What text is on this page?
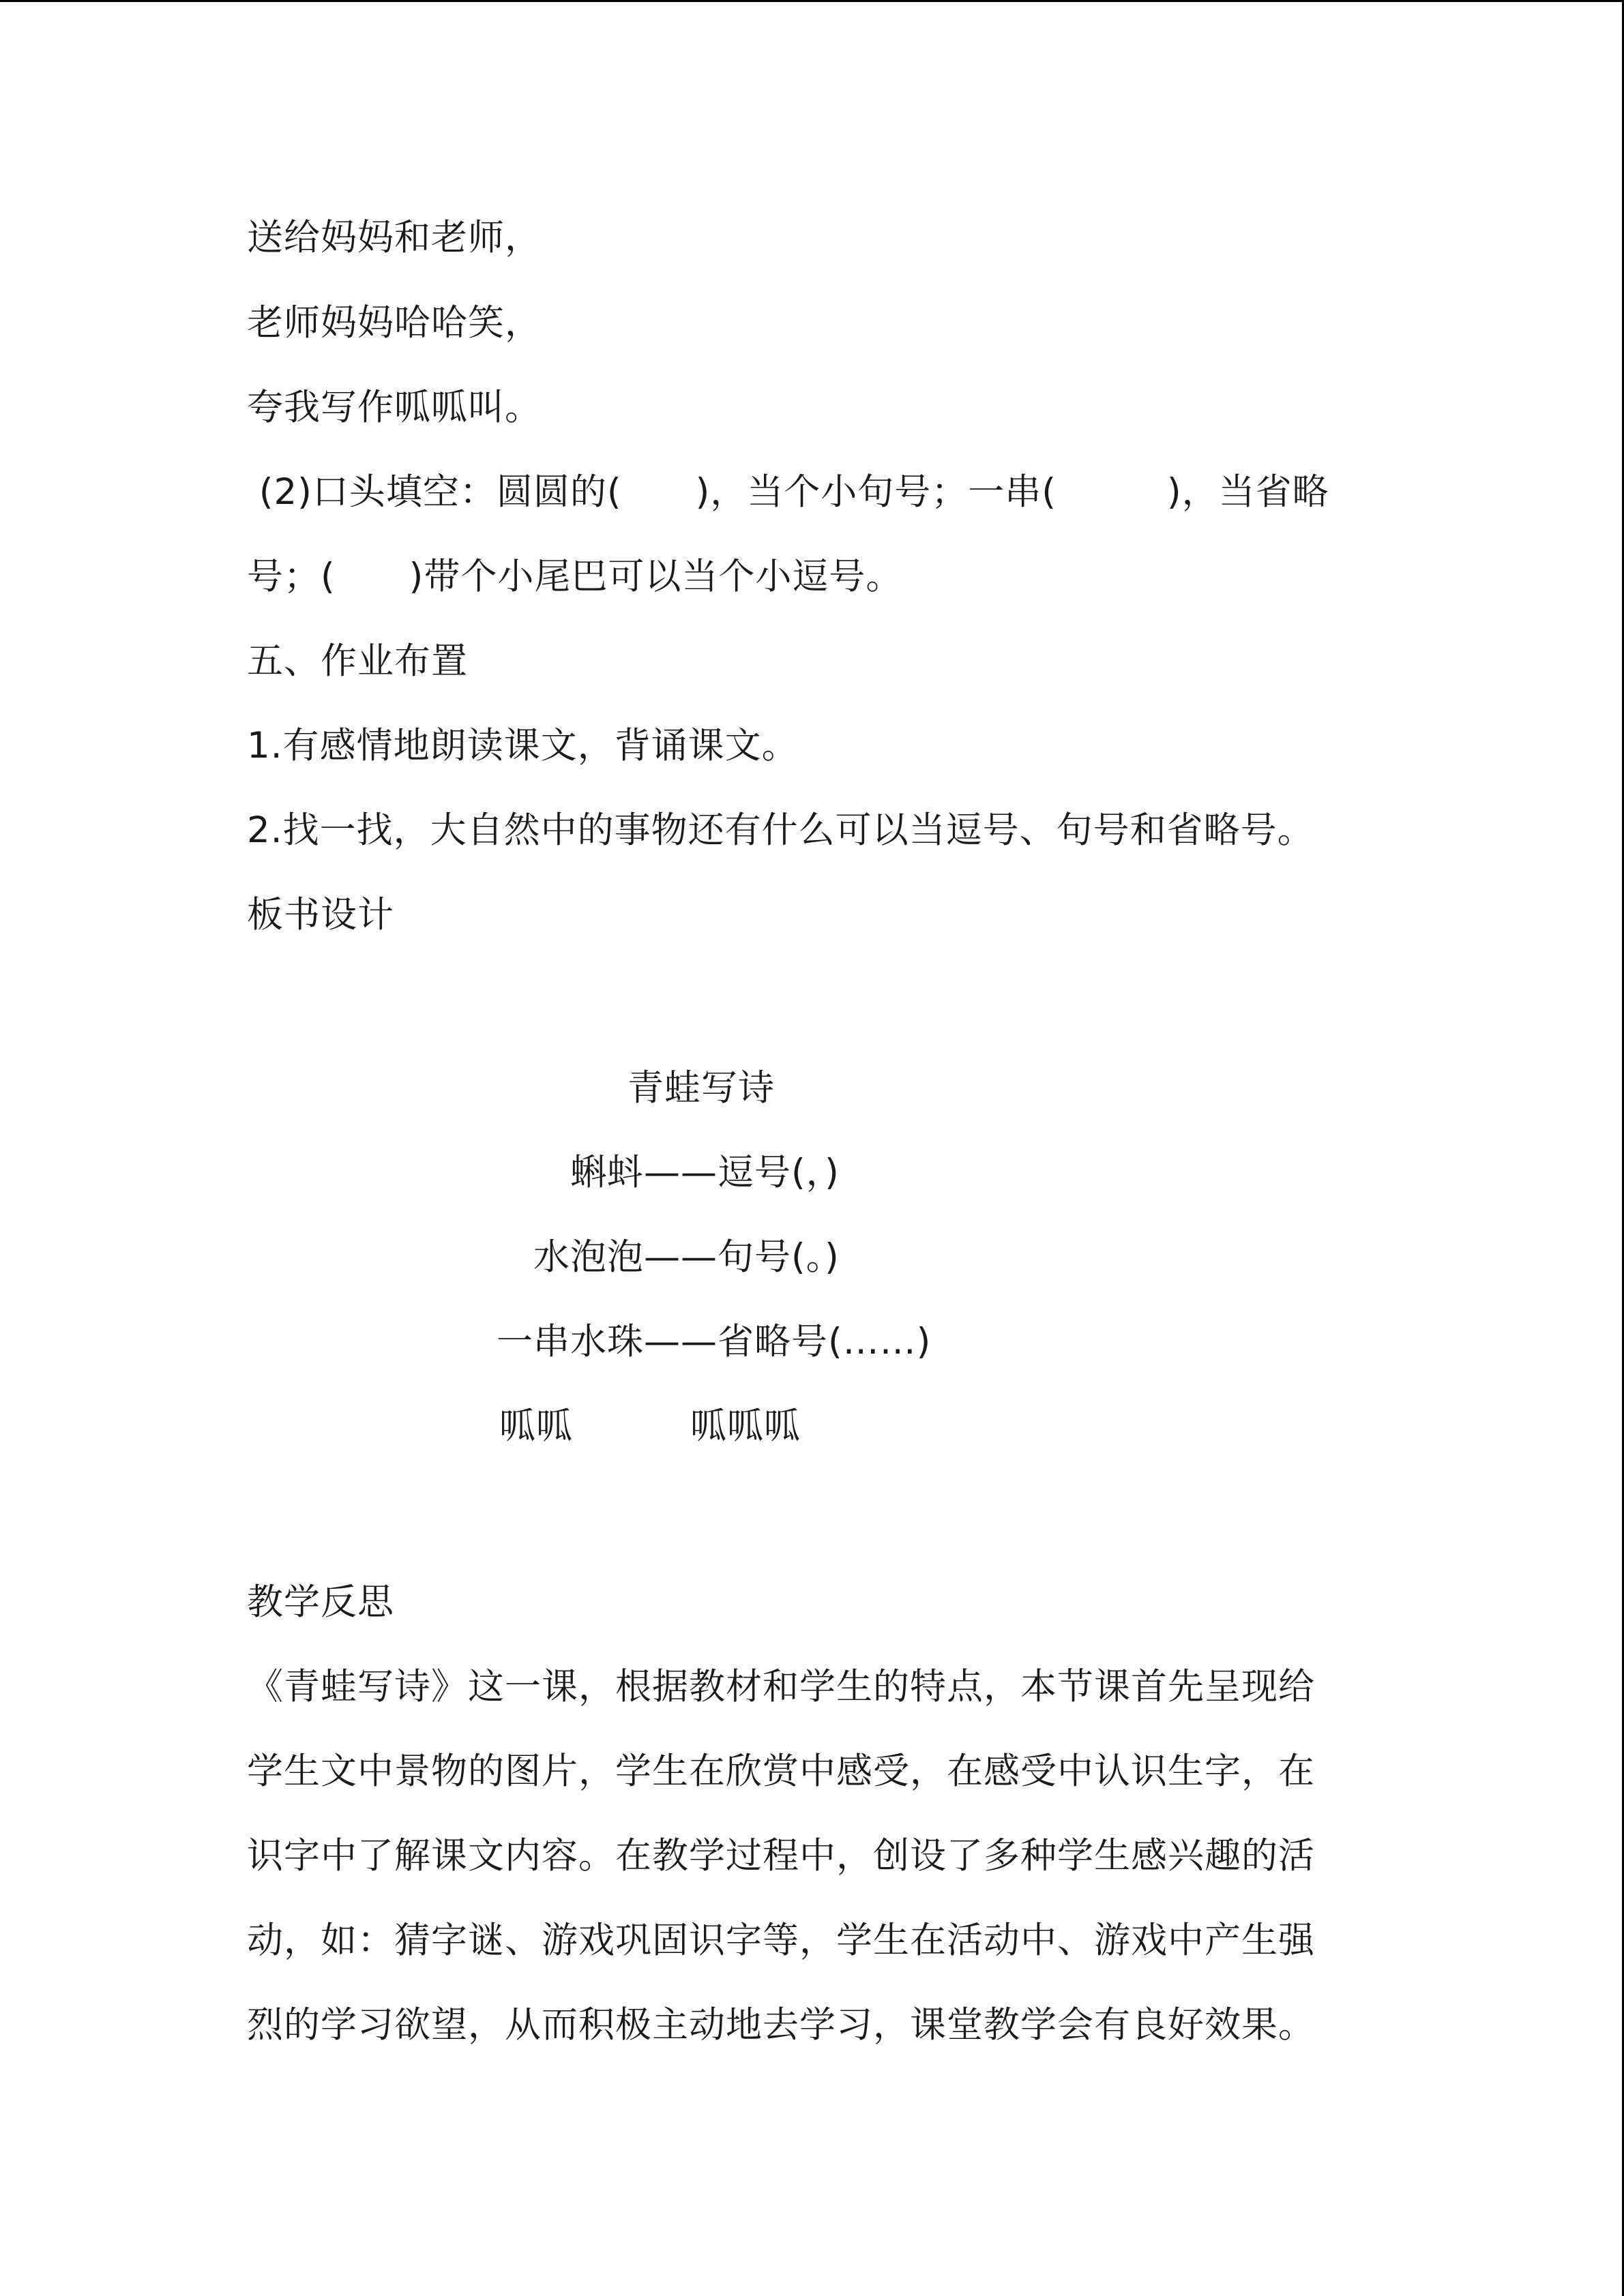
送给妈妈和老师，
老师妈妈哈哈笑，
夸我写作呱呱叫。
(2)口头填空：圆圆的(　　)，当个小句号；一串(　　　)，当省略
号；(　　)带个小尾巴可以当个小逗号。
五、作业布置
1.有感情地朗读课文，背诵课文。
2.找一找，大自然中的事物还有什么可以当逗号、句号和省略号。
板书设计
青蛙写诗
蝌蚪——逗号(，)
水泡泡——句号(。)
一串水珠——省略号(……)
呱呱	呱呱呱
教学反思
《青蛙写诗》这一课，根据教材和学生的特点，本节课首先呈现给
学生文中景物的图片，学生在欣赏中感受，在感受中认识生字，在
识字中了解课文内容。在教学过程中，创设了多种学生感兴趣的活
动，如：猜字谜、游戏巩固识字等，学生在活动中、游戏中产生强
烈的学习欲望，从而积极主动地去学习，课堂教学会有良好效果。
